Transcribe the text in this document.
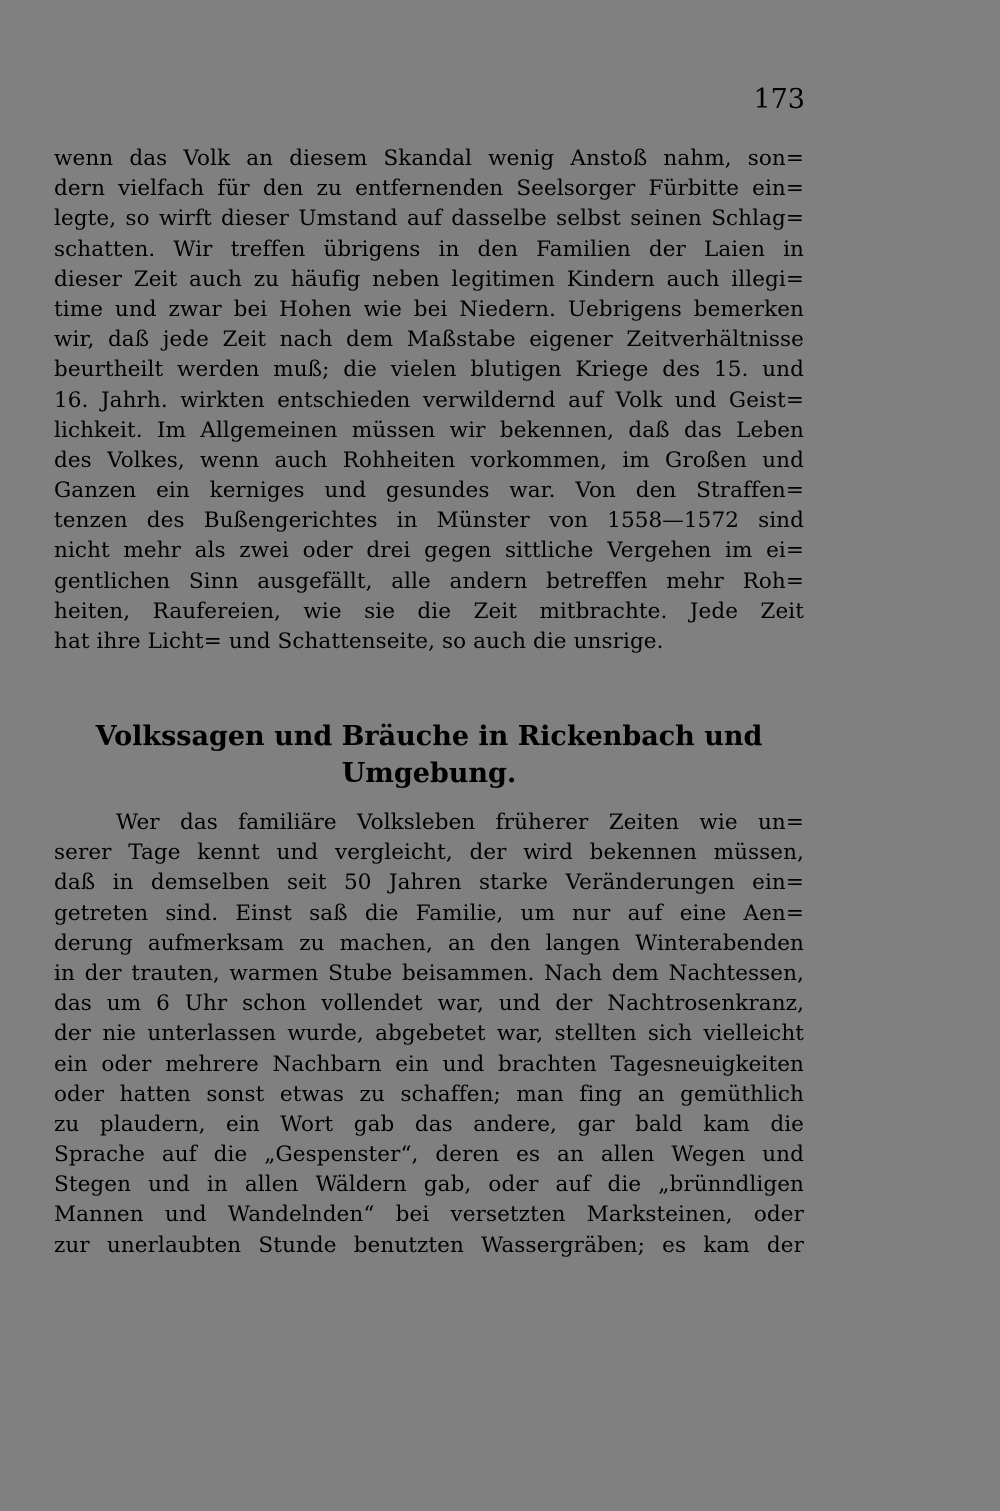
173
wenn das Volk an diesem Skandal wenig Anstoß nahm, son=
dern vielfach für den zu entfernenden Seelsorger Fürbitte ein=
legte, so wirft dieser Umstand auf dasselbe selbst seinen Schlag=
schatten. Wir treffen übrigens in den Familien der Laien in
dieser Zeit auch zu häufig neben legitimen Kindern auch illegi=
time und zwar bei Hohen wie bei Niedern. Uebrigens bemerken
wir, daß jede Zeit nach dem Maßstabe eigener Zeitverhältnisse
beurtheilt werden muß; die vielen blutigen Kriege des 15. und
16. Jahrh. wirkten entschieden verwildernd auf Volk und Geist=
lichkeit. Im Allgemeinen müssen wir bekennen, daß das Leben
des Volkes, wenn auch Rohheiten vorkommen, im Großen und
Ganzen ein kerniges und gesundes war. Von den Straffen=
tenzen des Bußengerichtes in Münster von 1558—1572 sind
nicht mehr als zwei oder drei gegen sittliche Vergehen im ei=
gentlichen Sinn ausgefällt, alle andern betreffen mehr Roh=
heiten, Raufereien, wie sie die Zeit mitbrachte. Jede Zeit
hat ihre Licht= und Schattenseite, so auch die unsrige.
Volkssagen und Bräuche in Rickenbach und
Umgebung.
Wer das familiäre Volksleben früherer Zeiten wie un=
serer Tage kennt und vergleicht, der wird bekennen müssen,
daß in demselben seit 50 Jahren starke Veränderungen ein=
getreten sind. Einst saß die Familie, um nur auf eine Aen=
derung aufmerksam zu machen, an den langen Winterabenden
in der trauten, warmen Stube beisammen. Nach dem Nachtessen,
das um 6 Uhr schon vollendet war, und der Nachtrosenkranz,
der nie unterlassen wurde, abgebetet war, stellten sich vielleicht
ein oder mehrere Nachbarn ein und brachten Tagesneuigkeiten
oder hatten sonst etwas zu schaffen; man fing an gemüthlich
zu plaudern, ein Wort gab das andere, gar bald kam die
Sprache auf die „Gespenster“, deren es an allen Wegen und
Stegen und in allen Wäldern gab, oder auf die „brünndligen
Mannen und Wandelnden“ bei versetzten Marksteinen, oder
zur unerlaubten Stunde benutzten Wassergräben; es kam der
